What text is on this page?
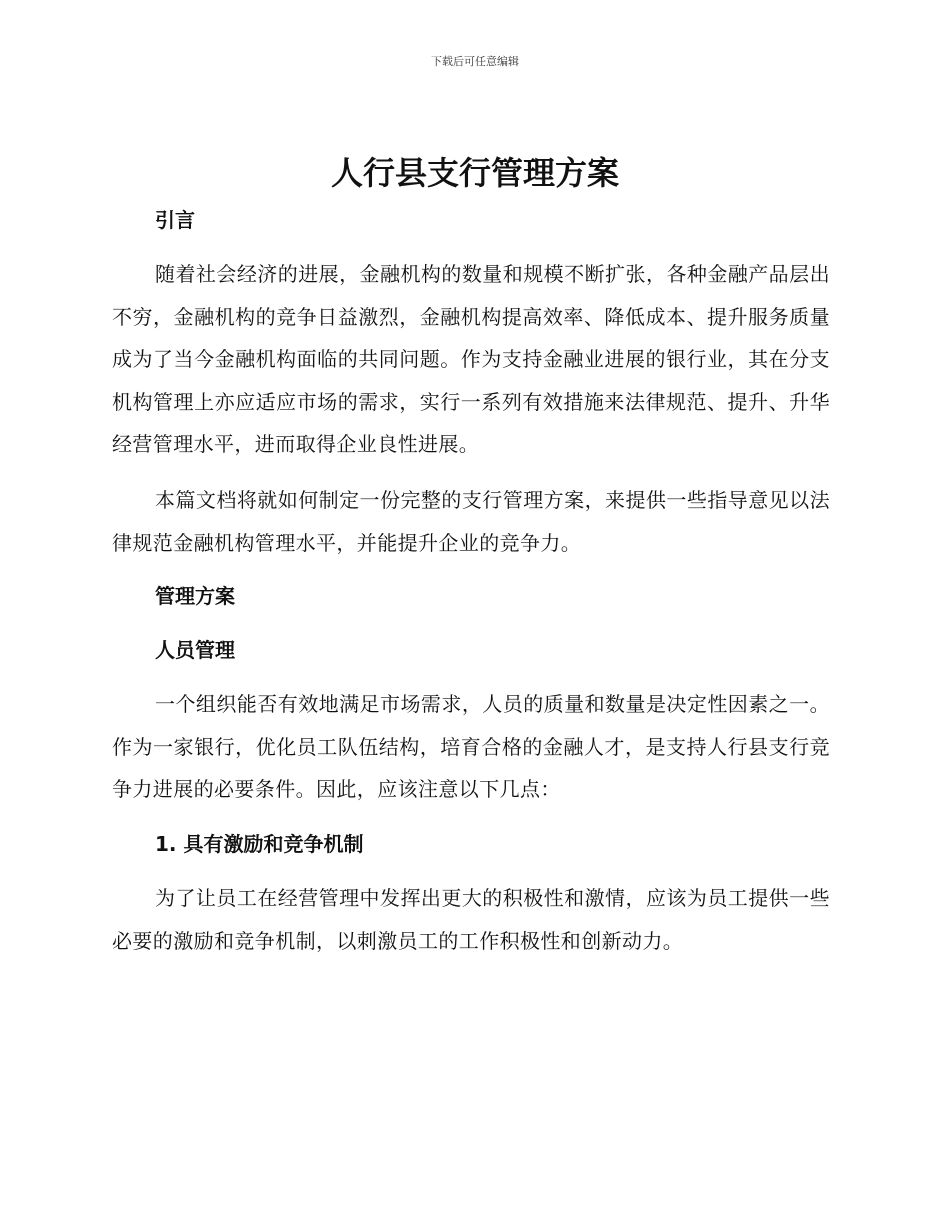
下载后可任意编辑
人行县支行管理方案
引言

随着社会经济的进展，金融机构的数量和规模不断扩张，各种金融产品层出不穷，金融机构的竞争日益激烈，金融机构提高效率、降低成本、提升服务质量成为了当今金融机构面临的共同问题。作为支持金融业进展的银行业，其在分支机构管理上亦应适应市场的需求，实行一系列有效措施来法律规范、提升、升华经营管理水平，进而取得企业良性进展。

本篇文档将就如何制定一份完整的支行管理方案，来提供一些指导意见以法律规范金融机构管理水平，并能提升企业的竞争力。

管理方案
人员管理

一个组织能否有效地满足市场需求，人员的质量和数量是决定性因素之一。作为一家银行，优化员工队伍结构，培育合格的金融人才，是支持人行县支行竞争力进展的必要条件。因此，应该注意以下几点：

1. 具有激励和竞争机制

为了让员工在经营管理中发挥出更大的积极性和激情，应该为员工提供一些必要的激励和竞争机制，以刺激员工的工作积极性和创新动力。
